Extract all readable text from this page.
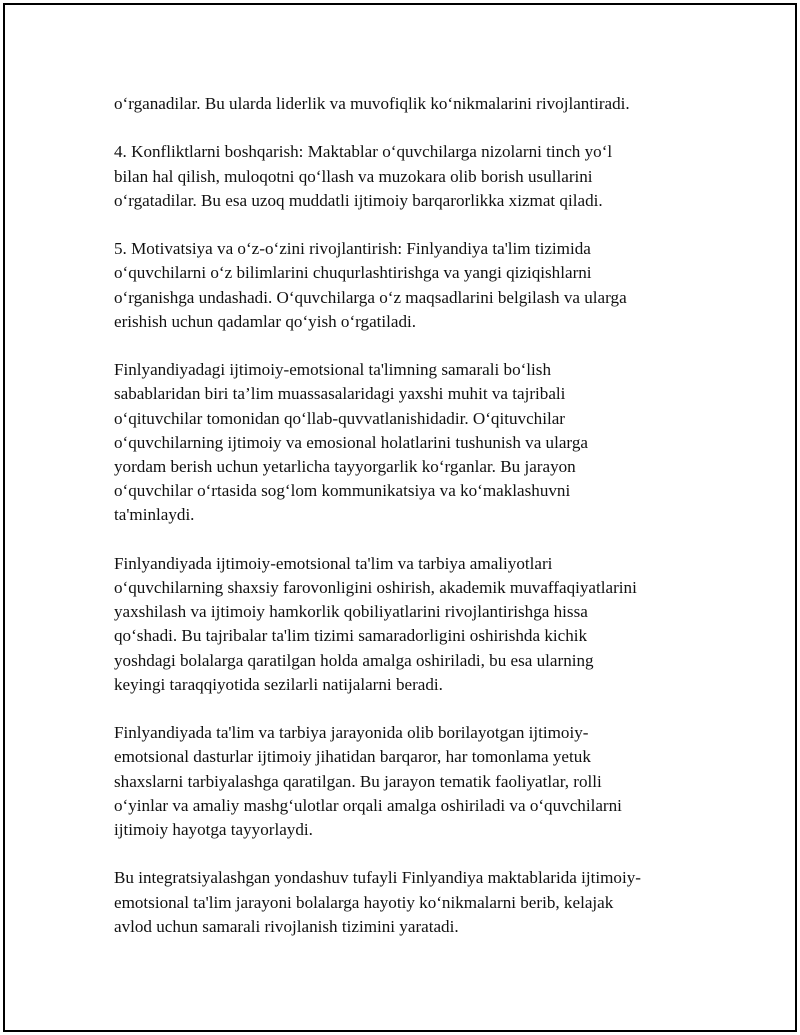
o‘rganadilar. Bu ularda liderlik va muvofiqlik ko‘nikmalarini rivojlantiradi.

4. Konfliktlarni boshqarish: Maktablar o‘quvchilarga nizolarni tinch yo‘l
bilan hal qilish, muloqotni qo‘llash va muzokara olib borish usullarini
o‘rgatadilar. Bu esa uzoq muddatli ijtimoiy barqarorlikka xizmat qiladi.

5. Motivatsiya va o‘z-o‘zini rivojlantirish: Finlyandiya ta'lim tizimida
o‘quvchilarni o‘z bilimlarini chuqurlashtirishga va yangi qiziqishlarni
o‘rganishga undashadi. O‘quvchilarga o‘z maqsadlarini belgilash va ularga
erishish uchun qadamlar qo‘yish o‘rgatiladi.

Finlyandiyadagi ijtimoiy-emotsional ta'limning samarali bo‘lish
sabablaridan biri ta’lim muassasalaridagi yaxshi muhit va tajribali
o‘qituvchilar tomonidan qo‘llab-quvvatlanishidadir. O‘qituvchilar
o‘quvchilarning ijtimoiy va emosional holatlarini tushunish va ularga
yordam berish uchun yetarlicha tayyorgarlik ko‘rganlar. Bu jarayon
o‘quvchilar o‘rtasida sog‘lom kommunikatsiya va ko‘maklashuvni
ta'minlaydi.

Finlyandiyada ijtimoiy-emotsional ta'lim va tarbiya amaliyotlari
o‘quvchilarning shaxsiy farovonligini oshirish, akademik muvaffaqiyatlarini
yaxshilash va ijtimoiy hamkorlik qobiliyatlarini rivojlantirishga hissa
qo‘shadi. Bu tajribalar ta'lim tizimi samaradorligini oshirishda kichik
yoshdagi bolalarga qaratilgan holda amalga oshiriladi, bu esa ularning
keyingi taraqqiyotida sezilarli natijalarni beradi.

Finlyandiyada ta'lim va tarbiya jarayonida olib borilayotgan ijtimoiy-
emotsional dasturlar ijtimoiy jihatidan barqaror, har tomonlama yetuk
shaxslarni tarbiyalashga qaratilgan. Bu jarayon tematik faoliyatlar, rolli
o‘yinlar va amaliy mashg‘ulotlar orqali amalga oshiriladi va o‘quvchilarni
ijtimoiy hayotga tayyorlaydi.

Bu integratsiyalashgan yondashuv tufayli Finlyandiya maktablarida ijtimoiy-
emotsional ta'lim jarayoni bolalarga hayotiy ko‘nikmalarni berib, kelajak
avlod uchun samarali rivojlanish tizimini yaratadi.
